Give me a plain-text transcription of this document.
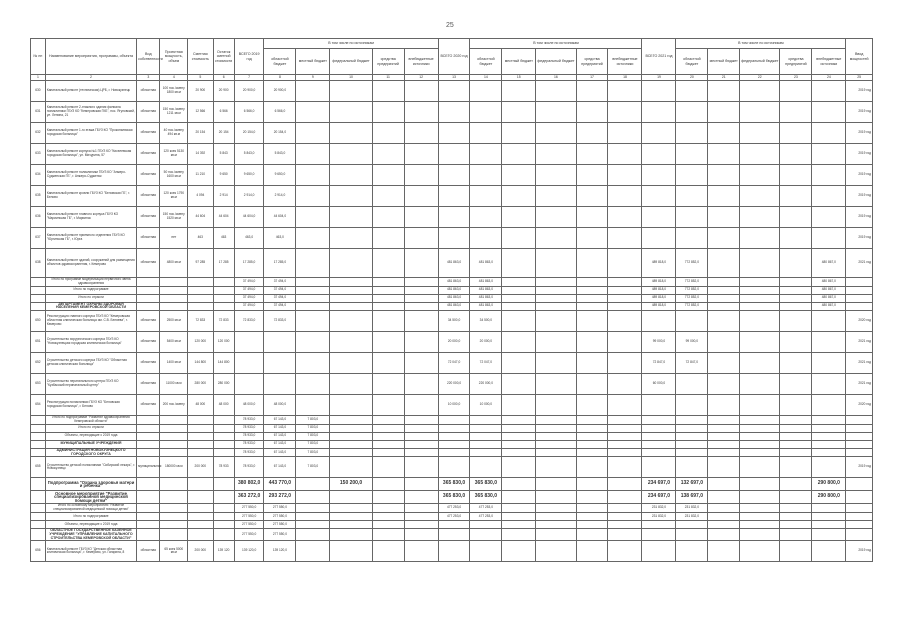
25
№ пп	Наименование мероприятия, программы, объекта	Вид собственности	Проектная мощность, объем	Сметная стоимость	Остаток сметной стоимости	ВСЕГО 2019 год	В том числе по источникам					ВСЕГО 2020 год	В том числе по источникам					ВСЕГО 2021 год	В том числе по источникам					Ввод мощностей
							областной бюджет	местный бюджет	федеральный бюджет	средства предприятий	внебюджетные источники		областной бюджет	местный бюджет	федеральный бюджет	средства предприятий	внебюджетные источники		областной бюджет	местный бюджет	федеральный бюджет	средства предприятий	внебюджетные источники	
1	2	3	4	5	6	7	8	9	10	11	12	13	14	15	16	17	18	19	20	21	22	23	24	25
630	Капитальный ремонт (техническая) ЦРБ, г. Новокузнецк	областная	100 пос./смену 1800 кв.м	20 900	20 900	20 900,0	20 900,0																	2019 год
631	Капитальный ремонт 2-этажного здания филиала поликлиники ГБУЗ КО "Кемеровская ГКБ", пос. Ягуновский, ул. Ленина, 21	областная	150 пос./смену 1211 кв.м	12 566	6 566	6 566,0	6 566,0																	2019 год
632	Капитальный ремонт 1-го этажа ГБУЗ КО "Прокопьевская городская больница"	областная	40 пос./смену 494 кв.м	20 154	20 154	20 154,0	20 154,0																	2019 год
633	Капитальный ремонт корпуса №1 ГБУЗ КО "Киселевская городская больница", ул. Мичурина, 57	областная	120 коек 5130 кв.м	14 392	5 843	5 843,0	5 843,0																	2019 год
634	Капитальный ремонт поликлиники ГБУЗ КО "Анжеро-Судженская ГБ", г. Анжеро-Судженск	областная	50 пос./смену 1600 кв.м	11 210	9 650	9 650,0	9 650,0																	2019 год
635	Капитальный ремонт кровли ГБУЗ КО "Беловская ГБ", г. Белово	областная	120 коек 1790 кв.м	4 094	2 914	2 914,0	2 914,0																	2019 год
636	Капитальный ремонт главного корпуса ГБУЗ КО "Мариинская ГБ", г. Мариинск	областная	150 пос./смену 1520 кв.м	44 604	44 604	44 604,0	44 604,0																	2019 год
637	Капитальный ремонт приемного отделения ГБУЗ КО "Юргинская ГБ", г. Юрга	областная	нет	463	463	463,0	463,0																	2019 год
638	Капитальный ремонт зданий, сооружений для размещения объектов здравоохранения, г. Кемерово	областная	4800 кв.м	97 285	17 285	17 285,0	17 285,0					481 863,0	481 863,0					489 818,0	772 852,0				480 867,0	2021 год
	Итого по программе модернизации первичного звена здравоохранения					37 494,0	37 494,0					481 863,0	481 863,0					489 818,0	772 852,0				480 867,0	
	Итого по подпрограмме					37 494,0	37 494,0					481 863,0	481 863,0					489 818,0	772 852,0				480 867,0	
	Итого по отрасли					37 494,0	37 494,0					481 863,0	481 863,0					489 818,0	772 852,0				480 867,0	
	ДЕПАРТАМЕНТ ОХРАНЫ ЗДОРОВЬЯ НАСЕЛЕНИЯ КЕМЕРОВСКОЙ ОБЛАСТИ					37 494,0	37 494,0					481 863,0	481 863,0					489 818,0	772 852,0				480 867,0	
650	Реконструкция главного корпуса ГБУЗ КО "Кемеровская областная клиническая больница им. С.В. Беляева", г. Кемерово	областная	2500 кв.м	72 833	72 833	72 833,0	72 833,0					34 500,0	34 500,0											2020 год
651	Строительство хирургического корпуса ГБУЗ КО "Новокузнецкая городская клиническая больница"	областная	5400 кв.м	120 000	120 000							20 000,0	20 000,0					99 000,0	99 000,0					2021 год
652	Строительство детского корпуса ГБУЗ КО "Областная детская клиническая больница"	областная	1400 кв.м	144 800	144 800							72 047,0	72 047,0					72 847,0	72 847,0					2021 год
653	Строительство перинатального центра ГБУЗ КО "Кузбасский перинатальный центр"	областная	11000 кв.м	280 000	280 000							220 000,0	220 000,0					60 000,0						2021 год
654	Реконструкция поликлиники ГБУЗ КО "Беловская городская больница", г. Белово	областная	200 пос./смену	48 000	48 000	48 000,0	48 000,0					10 000,0	10 000,0											2020 год
	Итого по подпрограмме "Развитие здравоохранения Кемеровской области"					78 933,0	67 143,0	7 803,0																
	Итого по отрасли					78 933,0	67 143,0	7 803,0																
	Объекты, переходящие с 2019 года					78 933,0	67 143,0	7 803,0																
	МУНИЦИПАЛЬНЫЕ УЧРЕЖДЕНИЯ					78 933,0	67 143,0	7 803,0																
	АДМИНИСТРАЦИЯ НОВОКУЗНЕЦКОГО ГОРОДСКОГО ОКРУГА					78 933,0	67 143,0	7 803,0																
655	Строительство детской поликлиники "Сибирский лекарь", г. Новокузнецк	муниципальная	180000 кв.м	200 000	78 933	78 933,0	67 143,0	7 803,0																2019 год
	Подпрограмма "Охрана здоровья матери и ребенка"					380 802,0	443 770,0		150 200,0			365 830,0	365 830,0					234 697,0	132 697,0				290 800,0	
	Основное мероприятие "Развитие специализированной медицинской помощи детям"					363 272,0	293 272,0					365 830,0	365 830,0					234 697,0	138 697,0				290 800,0	
	Итого по основному мероприятию "Развитие специализированной медицинской помощи детям"					277 550,0	277 550,0					477 253,0	477 253,0					231 832,0	231 832,0					
	Итого по подпрограмме					277 550,0	277 550,0					477 253,0	477 253,0					231 832,0	231 832,0					
	Объекты, переходящие с 2019 года					277 550,0	277 550,0																	
	ОБЛАСТНОЕ ГОСУДАРСТВЕННОЕ КАЗЕННОЕ УЧРЕЖДЕНИЕ "УПРАВЛЕНИЕ КАПИТАЛЬНОГО СТРОИТЕЛЬСТВА КЕМЕРОВСКОЙ ОБЛАСТИ"					277 550,0	277 550,0																	
656	Капитальный ремонт ГБУЗ КО "Детская областная клиническая больница", г. Кемерово, ул. Гагарина, 8	областная	65 коек 5000 кв.м	200 000	139 120	139 120,0	139 120,0																	2019 год
